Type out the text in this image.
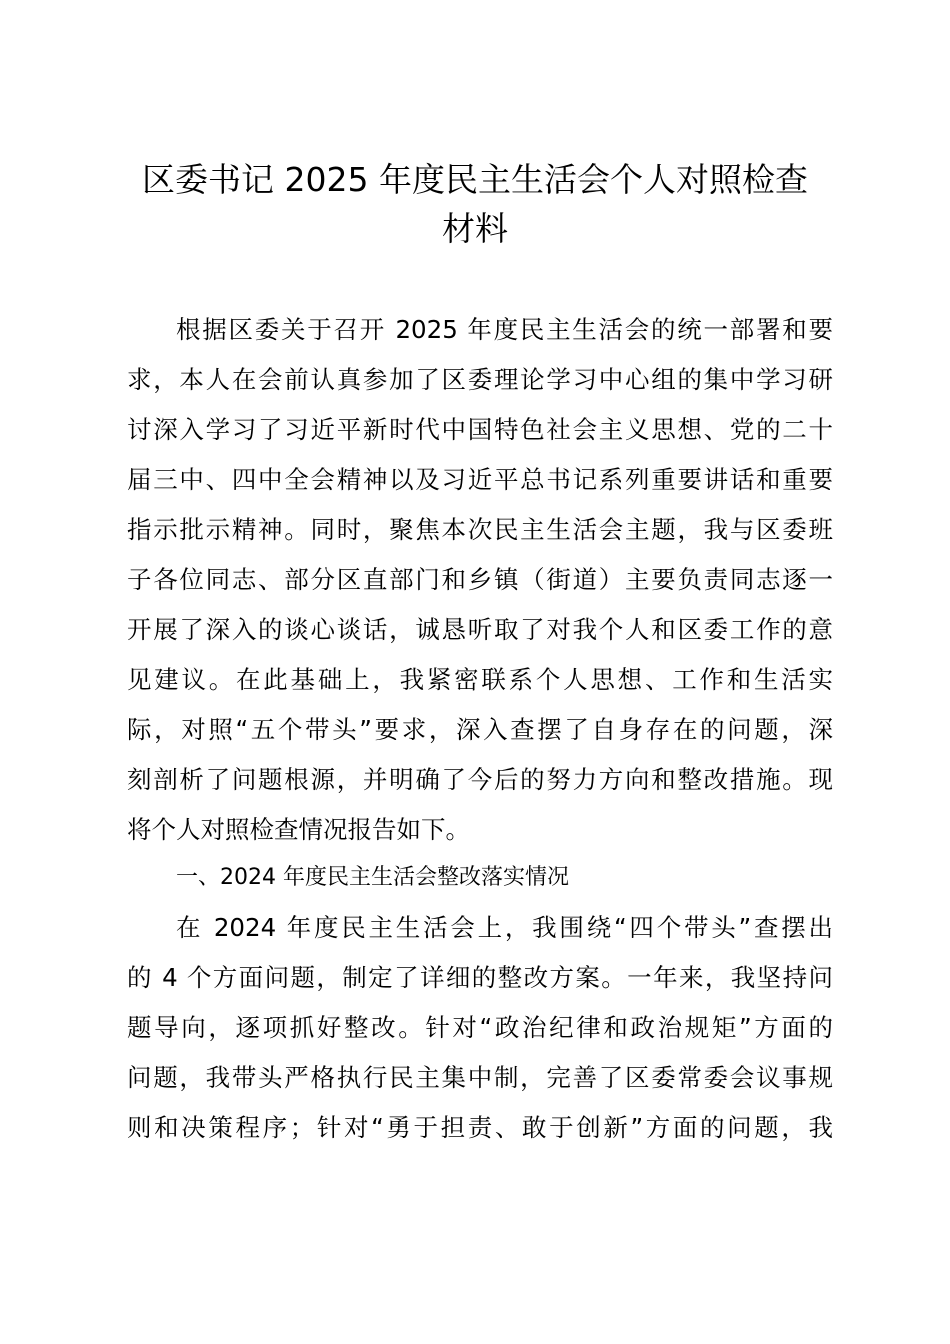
区委书记 2025 年度民主生活会个人对照检查
材料
根据区委关于召开 2025 年度民主生活会的统一部署和要
求，本人在会前认真参加了区委理论学习中心组的集中学习研
讨深入学习了习近平新时代中国特色社会主义思想、党的二十
届三中、四中全会精神以及习近平总书记系列重要讲话和重要
指示批示精神。同时，聚焦本次民主生活会主题，我与区委班
子各位同志、部分区直部门和乡镇（街道）主要负责同志逐一
开展了深入的谈心谈话，诚恳听取了对我个人和区委工作的意
见建议。在此基础上，我紧密联系个人思想、工作和生活实
际，对照“五个带头”要求，深入查摆了自身存在的问题，深
刻剖析了问题根源，并明确了今后的努力方向和整改措施。现
将个人对照检查情况报告如下。
一、2024 年度民主生活会整改落实情况
在 2024 年度民主生活会上，我围绕“四个带头”查摆出
的 4 个方面问题，制定了详细的整改方案。一年来，我坚持问
题导向，逐项抓好整改。针对“政治纪律和政治规矩”方面的
问题，我带头严格执行民主集中制，完善了区委常委会议事规
则和决策程序；针对“勇于担责、敢于创新”方面的问题，我
